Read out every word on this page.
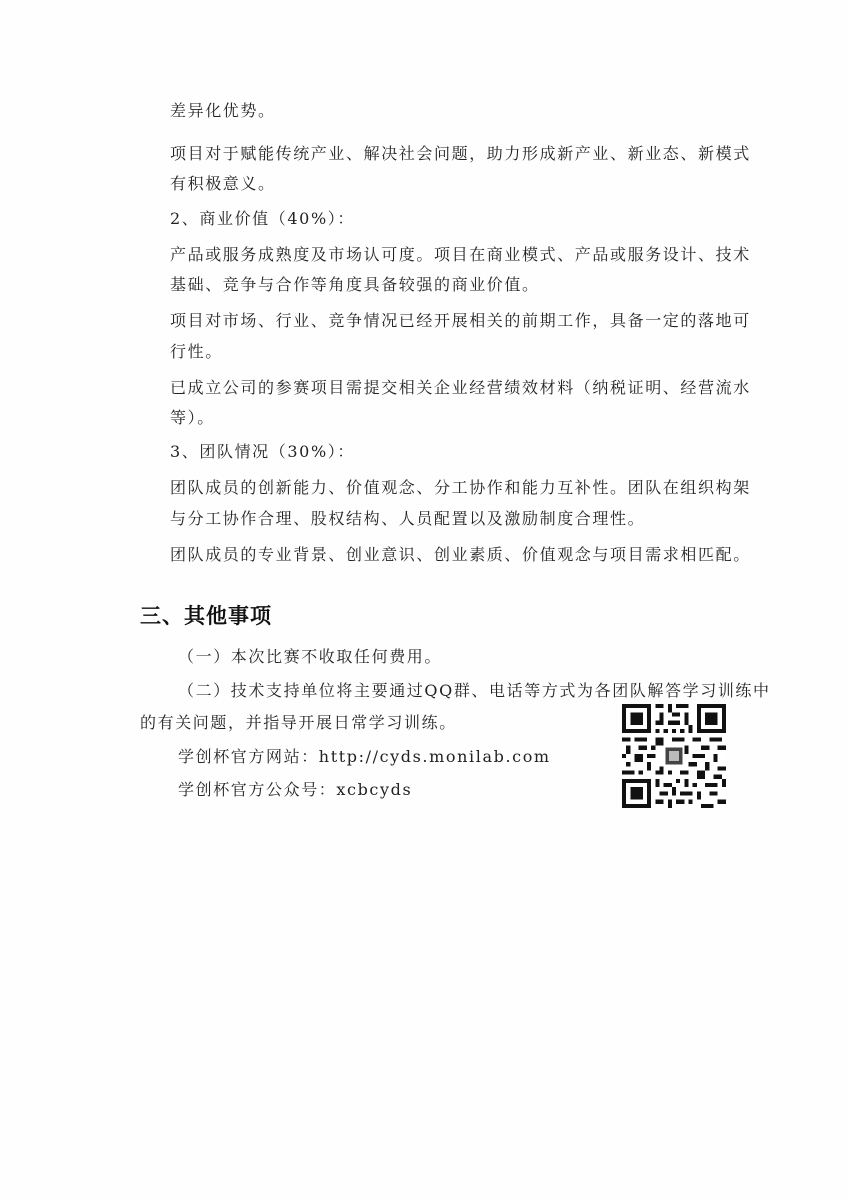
差异化优势。
项目对于赋能传统产业、解决社会问题，助力形成新产业、新业态、新模式
有积极意义。
2、商业价值（40%）：
产品或服务成熟度及市场认可度。项目在商业模式、产品或服务设计、技术
基础、竞争与合作等角度具备较强的商业价值。
项目对市场、行业、竞争情况已经开展相关的前期工作，具备一定的落地可
行性。
已成立公司的参赛项目需提交相关企业经营绩效材料（纳税证明、经营流水
等）。
3、团队情况（30%）：
团队成员的创新能力、价值观念、分工协作和能力互补性。团队在组织构架
与分工协作合理、股权结构、人员配置以及激励制度合理性。
团队成员的专业背景、创业意识、创业素质、价值观念与项目需求相匹配。
三、其他事项
（一）本次比赛不收取任何费用。
（二）技术支持单位将主要通过QQ群、电话等方式为各团队解答学习训练中
的有关问题，并指导开展日常学习训练。
学创杯官方网站：http://cyds.monilab.com
学创杯官方公众号：xcbcyds
